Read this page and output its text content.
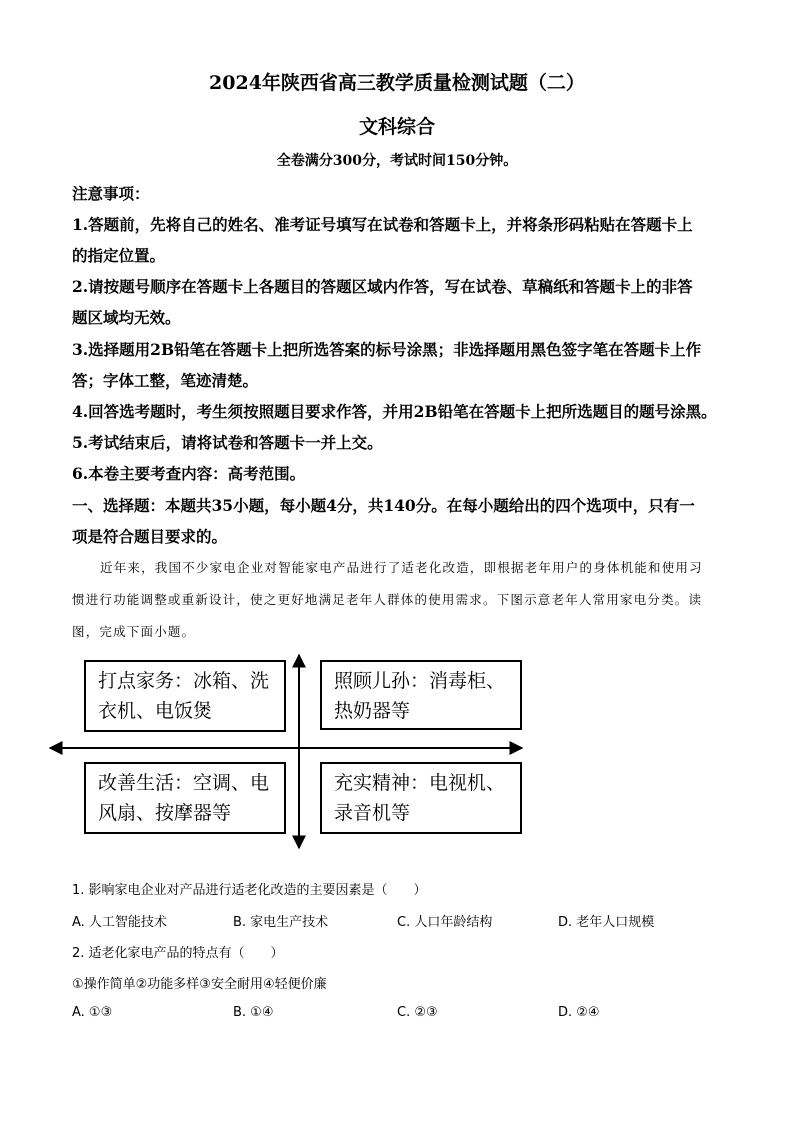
2024年陕西省高三教学质量检测试题（二）
文科综合
全卷满分300分，考试时间150分钟。
注意事项：
1.答题前，先将自己的姓名、准考证号填写在试卷和答题卡上，并将条形码粘贴在答题卡上
的指定位置。
2.请按题号顺序在答题卡上各题目的答题区域内作答，写在试卷、草稿纸和答题卡上的非答
题区域均无效。
3.选择题用2B铅笔在答题卡上把所选答案的标号涂黑；非选择题用黑色签字笔在答题卡上作
答；字体工整，笔迹清楚。
4.回答选考题时，考生须按照题目要求作答，并用2B铅笔在答题卡上把所选题目的题号涂黑。
5.考试结束后，请将试卷和答题卡一并上交。
6.本卷主要考查内容：高考范围。
一、选择题：本题共35小题，每小题4分，共140分。在每小题给出的四个选项中，只有一
项是符合题目要求的。
近年来，我国不少家电企业对智能家电产品进行了适老化改造，即根据老年用户的身体机能和使用习
惯进行功能调整或重新设计，使之更好地满足老年人群体的使用需求。下图示意老年人常用家电分类。读
图，完成下面小题。
打点家务：冰箱、洗衣机、电饭煲
照顾儿孙：消毒柜、热奶器等
改善生活：空调、电风扇、按摩器等
充实精神：电视机、录音机等
1. 影响家电企业对产品进行适老化改造的主要因素是（　　）
A. 人工智能技术	B. 家电生产技术	C. 人口年龄结构	D. 老年人口规模
2. 适老化家电产品的特点有（　　）
①操作简单②功能多样③安全耐用④轻便价廉
A. ①③	B. ①④	C. ②③	D. ②④
